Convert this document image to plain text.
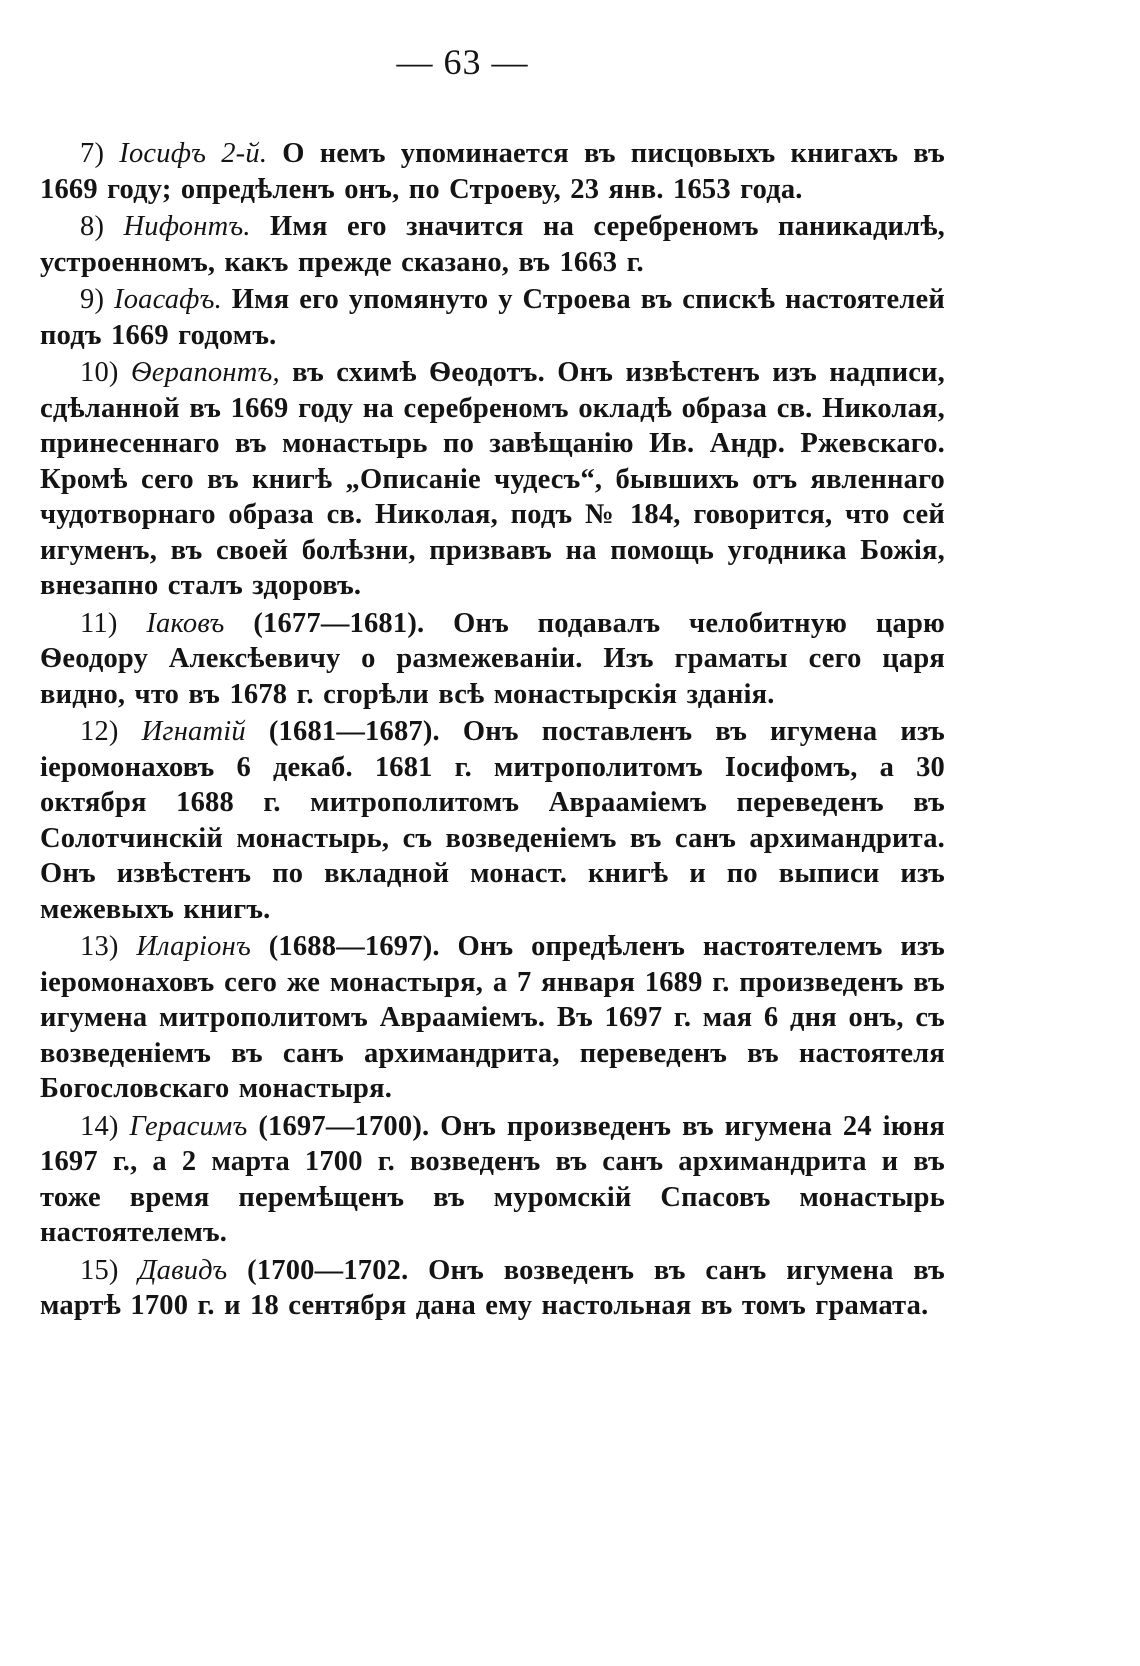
— 63 —

7) Іосифъ 2-й. О немъ упоминается въ писцовыхъ книгахъ въ 1669 году; опредѣленъ онъ, по Строеву, 23 янв. 1653 года.

8) Нифонтъ. Имя его значится на серебреномъ паникадилѣ, устроенномъ, какъ прежде сказано, въ 1663 г.

9) Іоасафъ. Имя его упомянуто у Строева въ спискѣ настоятелей подъ 1669 годомъ.

10) Ѳерапонтъ, въ схимѣ Ѳеодотъ. Онъ извѣстенъ изъ надписи, сдѣланной въ 1669 году на серебреномъ окладѣ образа св. Николая, принесеннаго въ монастырь по завѣщанію Ив. Андр. Ржевскаго. Кромѣ сего въ книгѣ „Описаніе чудесъ“, бывшихъ отъ явленнаго чудотворнаго образа св. Николая, подъ № 184, говорится, что сей игуменъ, въ своей болѣзни, призвавъ на помощь угодника Божія, внезапно сталъ здоровъ.

11) Іаковъ (1677—1681). Онъ подавалъ челобитную царю Ѳеодору Алексѣевичу о размежеваніи. Изъ граматы сего царя видно, что въ 1678 г. сгорѣли всѣ монастырскія зданія.

12) Игнатій (1681—1687). Онъ поставленъ въ игумена изъ іеромонаховъ 6 декаб. 1681 г. митрополитомъ Іосифомъ, а 30 октября 1688 г. митрополитомъ Аврааміемъ переведенъ въ Солотчинскій монастырь, съ возведеніемъ въ санъ архимандрита. Онъ извѣстенъ по вкладной монаст. книгѣ и по выписи изъ межевыхъ книгъ.

13) Иларіонъ (1688—1697). Онъ опредѣленъ настоятелемъ изъ іеромонаховъ сего же монастыря, а 7 января 1689 г. произведенъ въ игумена митрополитомъ Аврааміемъ. Въ 1697 г. мая 6 дня онъ, съ возведеніемъ въ санъ архимандрита, переведенъ въ настоятеля Богословскаго монастыря.

14) Герасимъ (1697—1700). Онъ произведенъ въ игумена 24 іюня 1697 г., а 2 марта 1700 г. возведенъ въ санъ архимандрита и въ тоже время перемѣщенъ въ муромскій Спасовъ монастырь настоятелемъ.

15) Давидъ (1700—1702. Онъ возведенъ въ санъ игумена въ мартѣ 1700 г. и 18 сентября дана ему настольная въ томъ грамата.
